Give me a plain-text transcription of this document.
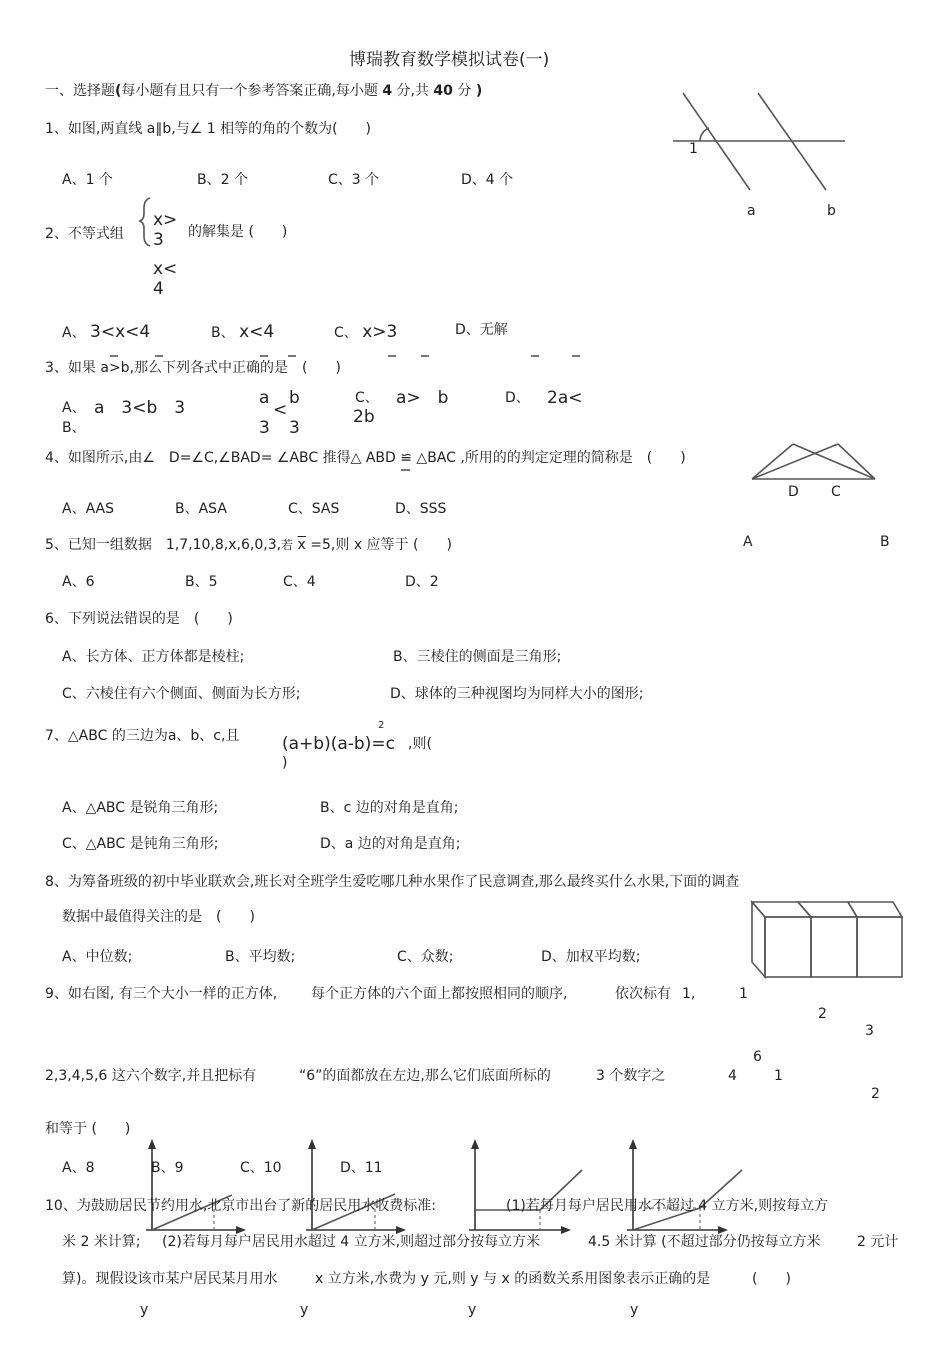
博瑞教育数学模拟试卷(一)
一、选择题(每小题有且只有一个参考答案正确,每小题 4 分,共 40 分 )
1、如图,两直线 a∥b,与∠ 1 相等的角的个数为(　　)
A、1 个	B、2 个	C、3 个	D、4 个
1
a	b
2、不等式组
x>
3 的解集是 (　　)
x<
4
A、 3<x<4	B、 x<4	C、 x>3	D、无解
3、如果 a>b,那么下列各式中正确的是　(　　)
A、 a　3<b　3
B、
a b
<
3 3
C、 a>　b
2b
D、 2a<
4、如图所示,由∠　D=∠C,∠BAD= ∠ABC 推得△ ABD ≌ △BAC ,所用的的判定定理的简称是　(　　)
D C
A、AAS	B、ASA	C、SAS	D、SSS
A	B
5、已知一组数据　1,7,10,8,x,6,0,3,若 $\overline{x} =5$,则 x 应等于 (　　)
A、6	B、5	C、4	D、2
6、下列说法错误的是　(　　)
A、长方体、正方体都是棱柱;	B、三棱住的侧面是三角形;
C、六棱住有六个侧面、侧面为长方形;	D、球体的三种视图均为同样大小的图形;
7、△ABC 的三边为a、b、c,且	(a+b)(a-b)=c
2
,则(
)
A、△ABC 是锐角三角形;	B、c 边的对角是直角;
C、△ABC 是钝角三角形;	D、a 边的对角是直角;
8、为筹备班级的初中毕业联欢会,班长对全班学生爱吃哪几种水果作了民意调查,那么最终买什么水果,下面的调查
数据中最值得关注的是　(　　)
A、中位数;	B、平均数;	C、众数;	D、加权平均数;
9、如右图, 有三个大小一样的正方体, 每个正方体的六个面上都按照相同的顺序,	依次标有 1,	1
2
3
6
2,3,4,5,6 这六个数字,并且把标有	“6”的面都放在左边,那么它们底面所标的	3 个数字之	4	1
2
和等于 (　　)
A、8	B、9	C、10	D、11
10、为鼓励居民节约用水,北京市出台了新的居民用水收费标准:	(1)若每月每户居民用水不超过 4 立方米,则按每立方
米 2 米计算; (2)若每月每户居民用水超过 4 立方米,则超过部分按每立方米	4.5 米计算 (不超过部分仍按每立方米	2 元计
算)。现假设该市某户居民某月用水	x 立方米,水费为 y 元,则 y 与 x 的函数关系用图象表示正确的是	(　　)
y	y	y	y
